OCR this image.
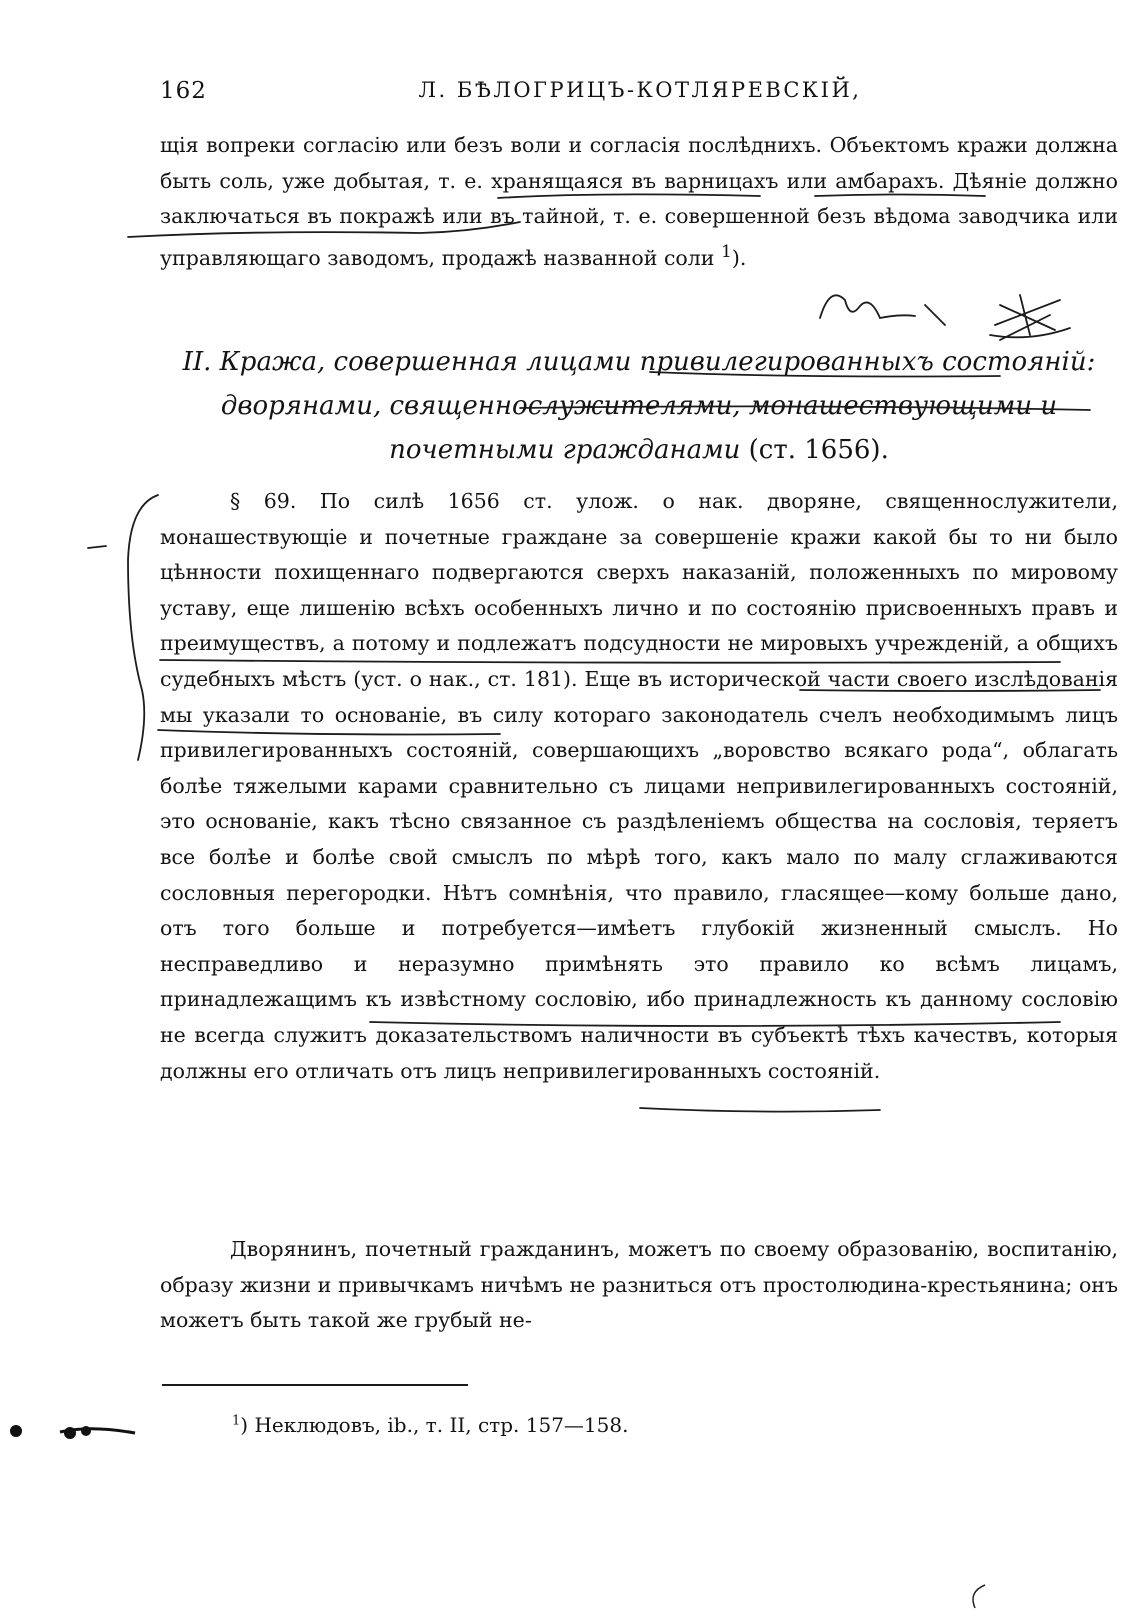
162	Л. БѢЛОГРИЦЪ-КОТЛЯРЕВСКІЙ,

щія вопреки согласію или безъ воли и согласія послѣднихъ. Объектомъ кражи должна быть соль, уже добытая, т. е. хранящаяся въ варницахъ или амбарахъ. Дѣяніе должно заключаться въ покражѣ или въ тайной, т. е. совершенной безъ вѣдома заводчика или управляющаго заводомъ, продажѣ названной соли $^1$).

II. Кража, совершенная лицами привилегированныхъ состояній: дворянами, священнослужителями, монашествующими и почетными гражданами (ст. 1656).

§ 69. По силѣ 1656 ст. улож. о нак. дворяне, священнослужители, монашествующіе и почетные граждане за совершеніе кражи какой бы то ни было цѣнности похищеннаго подвергаются сверхъ наказаній, положенныхъ по мировому уставу, еще лишенію всѣхъ особенныхъ лично и по состоянію присвоенныхъ правъ и преимуществъ, а потому и подлежатъ подсудности не мировыхъ учрежденій, а общихъ судебныхъ мѣстъ (уст. о нак., ст. 181). Еще въ исторической части своего изслѣдованія мы указали то основаніе, въ силу котораго законодатель счелъ необходимымъ лицъ привилегированныхъ состояній, совершающихъ „воровство всякаго рода“, облагать болѣе тяжелыми карами сравнительно съ лицами непривилегированныхъ состояній, это основаніе, какъ тѣсно связанное съ раздѣленіемъ общества на сословія, теряетъ все болѣе и болѣе свой смыслъ по мѣрѣ того, какъ мало по малу сглаживаются сословныя перегородки. Нѣтъ сомнѣнія, что правило, гласящее—кому больше дано, отъ того больше и потребуется—имѣетъ глубокій жизненный смыслъ. Но несправедливо и неразумно примѣнять это правило ко всѣмъ лицамъ, принадлежащимъ къ извѣстному сословію, ибо принадлежность къ данному сословію не всегда служитъ доказательствомъ наличности въ субъектѣ тѣхъ качествъ, которыя должны его отличать отъ лицъ непривилегированныхъ состояній.

Дворянинъ, почетный гражданинъ, можетъ по своему образованію, воспитанію, образу жизни и привычкамъ ничѣмъ не разниться отъ простолюдина-крестьянина; онъ можетъ быть такой же грубый не-

$^1$) Неклюдовъ, ib., т. II, стр. 157—158.
